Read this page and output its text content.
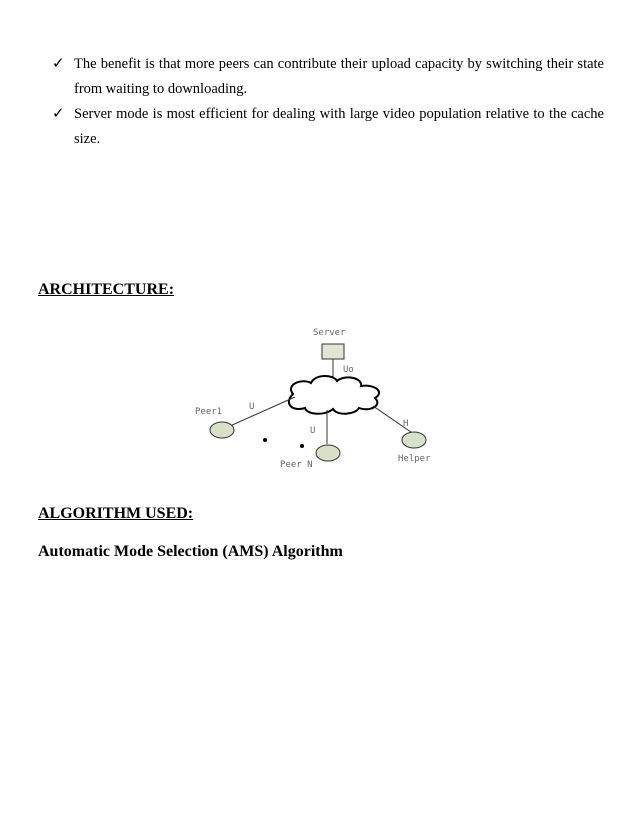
✓ The benefit is that more peers can contribute their upload capacity by switching their state from waiting to downloading.
✓ Server mode is most efficient for dealing with large video population relative to the cache size.
ARCHITECTURE:
Server
Uo
U
Peer1
U
Peer N
H
Helper
ALGORITHM USED:
Automatic Mode Selection (AMS) Algorithm
